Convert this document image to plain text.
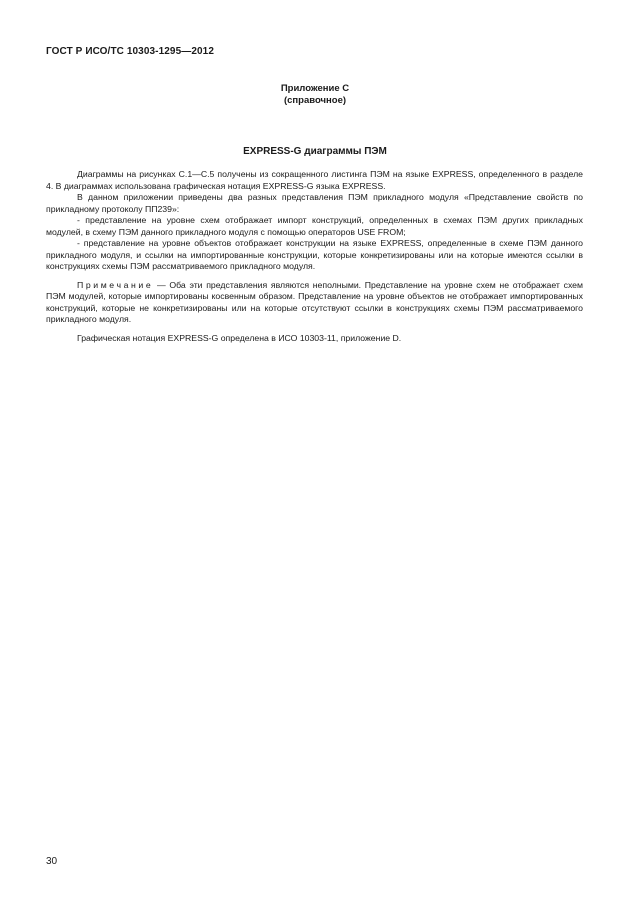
ГОСТ Р ИСО/ТС 10303-1295—2012
Приложение С
(справочное)
EXPRESS-G диаграммы ПЭМ

Диаграммы на рисунках С.1—С.5 получены из сокращенного листинга ПЭМ на языке EXPRESS, определенного в разделе 4. В диаграммах использована графическая нотация EXPRESS-G языка EXPRESS.

В данном приложении приведены два разных представления ПЭМ прикладного модуля «Представление свойств по прикладному протоколу ПП239»:

- представление на уровне схем отображает импорт конструкций, определенных в схемах ПЭМ других прикладных модулей, в схему ПЭМ данного прикладного модуля с помощью операторов USE FROM;

- представление на уровне объектов отображает конструкции на языке EXPRESS, определенные в схеме ПЭМ данного прикладного модуля, и ссылки на импортированные конструкции, которые конкретизированы или на которые имеются ссылки в конструкциях схемы ПЭМ рассматриваемого прикладного модуля.

Примечание — Оба эти представления являются неполными. Представление на уровне схем не отображает схем ПЭМ модулей, которые импортированы косвенным образом. Представление на уровне объектов не отображает импортированных конструкций, которые не конкретизированы или на которые отсутствуют ссылки в конструкциях схемы ПЭМ рассматриваемого прикладного модуля.

Графическая нотация EXPRESS-G определена в ИСО 10303-11, приложение D.

30
